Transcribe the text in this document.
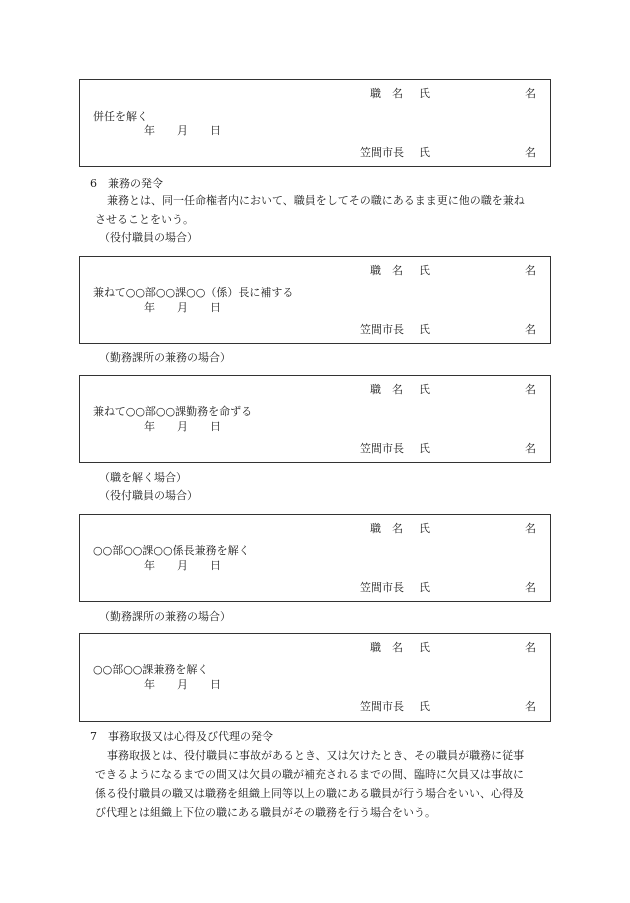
職　名 氏	名
併任を解く
年　　月　　日
笠間市長 氏	名
6　兼務の発令
兼務とは、同一任命権者内において、職員をしてその職にあるまま更に他の職を兼ね
させることをいう。
（役付職員の場合）
職　名 氏	名
兼ねて○○部○○課○○（係）長に補する
年　　月　　日
笠間市長 氏	名
（勤務課所の兼務の場合）
職　名 氏	名
兼ねて○○部○○課勤務を命ずる
年　　月　　日
笠間市長 氏	名
（職を解く場合）
（役付職員の場合）
職　名 氏	名
○○部○○課○○係長兼務を解く
年　　月　　日
笠間市長 氏	名
（勤務課所の兼務の場合）
職　名 氏	名
○○部○○課兼務を解く
年　　月　　日
笠間市長 氏	名
7　事務取扱又は心得及び代理の発令
事務取扱とは、役付職員に事故があるとき、又は欠けたとき、その職員が職務に従事
できるようになるまでの間又は欠員の職が補充されるまでの間、臨時に欠員又は事故に
係る役付職員の職又は職務を組織上同等以上の職にある職員が行う場合をいい、心得及
び代理とは組織上下位の職にある職員がその職務を行う場合をいう。
